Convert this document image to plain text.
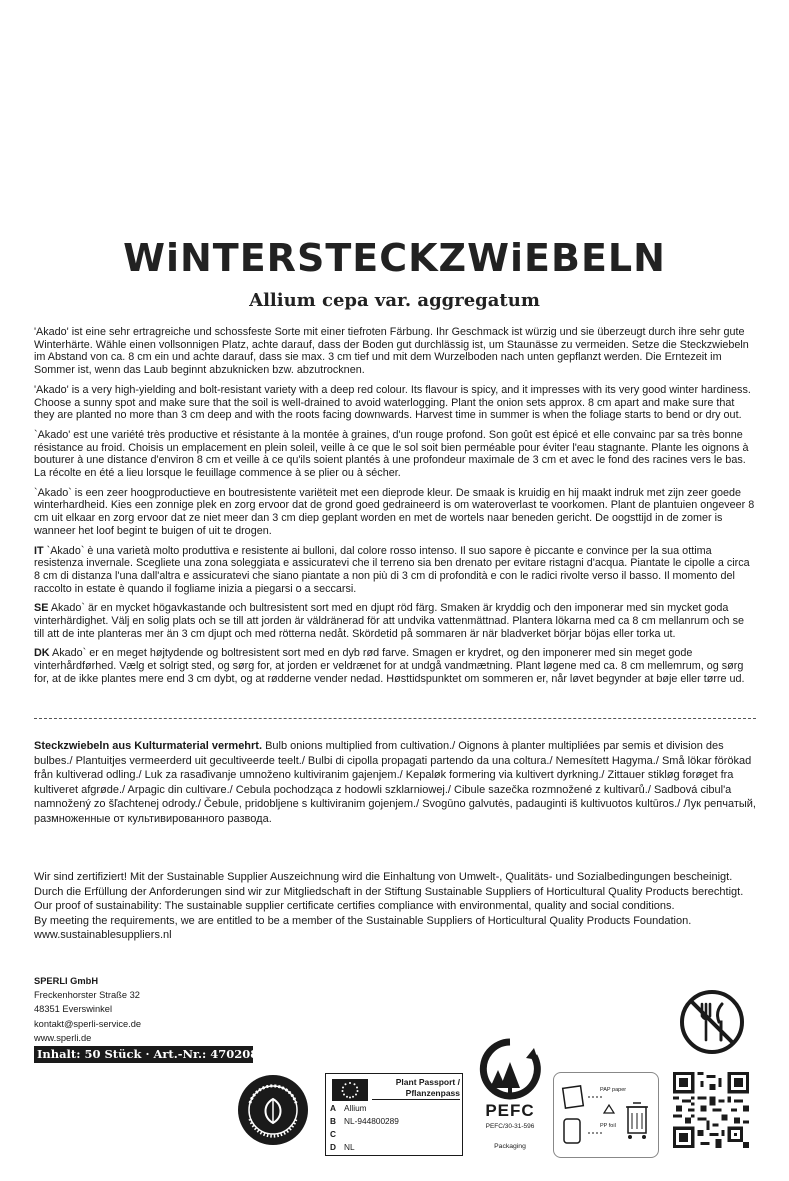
WiNTERSTECKZWiEBELN
Allium cepa var. aggregatum

'Akado' ist eine sehr ertragreiche und schossfeste Sorte mit einer tiefroten Färbung. Ihr Geschmack ist würzig und sie überzeugt durch ihre sehr gute Winterhärte. Wähle einen vollsonnigen Platz, achte darauf, dass der Boden gut durchlässig ist, um Staunässe zu vermeiden. Setze die Steckzwiebeln im Abstand von ca. 8 cm ein und achte darauf, dass sie max. 3 cm tief und mit dem Wurzelboden nach unten gepflanzt werden. Die Erntezeit im Sommer ist, wenn das Laub beginnt abzuknicken bzw. abzutrocknen.

'Akado' is a very high-yielding and bolt-resistant variety with a deep red colour. Its flavour is spicy, and it impresses with its very good winter hardiness. Choose a sunny spot and make sure that the soil is well-drained to avoid waterlogging. Plant the onion sets approx. 8 cm apart and make sure that they are planted no more than 3 cm deep and with the roots facing downwards. Harvest time in summer is when the foliage starts to bend or dry out.

`Akado' est une variété très productive et résistante à la montée à graines, d'un rouge profond. Son goût est épicé et elle convainc par sa très bonne résistance au froid. Choisis un emplacement en plein soleil, veille à ce que le sol soit bien perméable pour éviter l'eau stagnante. Plante les oignons à bouturer à une distance d'environ 8 cm et veille à ce qu'ils soient plantés à une profondeur maximale de 3 cm et avec le fond des racines vers le bas. La récolte en été a lieu lorsque le feuillage commence à se plier ou à sécher.

`Akado` is een zeer hoogproductieve en boutresistente variëteit met een dieprode kleur. De smaak is kruidig en hij maakt indruk met zijn zeer goede winterhardheid. Kies een zonnige plek en zorg ervoor dat de grond goed gedraineerd is om wateroverlast te voorkomen. Plant de plantuien ongeveer 8 cm uit elkaar en zorg ervoor dat ze niet meer dan 3 cm diep geplant worden en met de wortels naar beneden gericht. De oogsttijd in de zomer is wanneer het loof begint te buigen of uit te drogen.

IT `Akado` è una varietà molto produttiva e resistente ai bulloni, dal colore rosso intenso. Il suo sapore è piccante e convince per la sua ottima resistenza invernale. Scegliete una zona soleggiata e assicuratevi che il terreno sia ben drenato per evitare ristagni d'acqua. Piantate le cipolle a circa 8 cm di distanza l'una dall'altra e assicuratevi che siano piantate a non più di 3 cm di profondità e con le radici rivolte verso il basso. Il momento del raccolto in estate è quando il fogliame inizia a piegarsi o a seccarsi.

SE Akado` är en mycket högavkastande och bultresistent sort med en djupt röd färg. Smaken är kryddig och den imponerar med sin mycket goda vinterhärdighet. Välj en solig plats och se till att jorden är väldränerad för att undvika vattenmättnad. Plantera lökarna med ca 8 cm mellanrum och se till att de inte planteras mer än 3 cm djupt och med rötterna nedåt. Skördetid på sommaren är när bladverket börjar böjas eller torka ut.

DK Akado` er en meget højtydende og boltresistent sort med en dyb rød farve. Smagen er krydret, og den imponerer med sin meget gode vinterhårdførhed. Vælg et solrigt sted, og sørg for, at jorden er veldrænet for at undgå vandmætning. Plant løgene med ca. 8 cm mellemrum, og sørg for, at de ikke plantes mere end 3 cm dybt, og at rødderne vender nedad. Høsttidspunktet om sommeren er, når løvet begynder at bøje eller tørre ud.

Steckzwiebeln aus Kulturmaterial vermehrt. Bulb onions multiplied from cultivation./ Oignons à planter multipliées par semis et division des bulbes./ Plantuitjes vermeerderd uit gecultiveerde teelt./ Bulbi di cipolla propagati partendo da una coltura./ Nemesített Hagyma./ Små lökar förökad från kultiverad odling./ Luk za rasađivanje umnoženo kultiviranim gajenjem./ Kepaløk formering via kultivert dyrkning./ Zittauer stikløg forøget fra kultiveret afgrøde./ Arpagic din cultivare./ Cebula pochodząca z hodowli szklarniowej./ Cibule sazečka rozmnožené z kultivarů./ Sadbová cibul'a namnožený zo šľachtenej odrody./ Čebule, pridobljene s kultiviranim gojenjem./ Svogūno galvutės, padauginti iš kultivuotos kultūros./ Лук репчатый, размноженные от культивированного развода.
Wir sind zertifiziert! Mit der Sustainable Supplier Auszeichnung wird die Einhaltung von Umwelt-, Qualitäts- und Sozialbedingungen bescheinigt.
Durch die Erfüllung der Anforderungen sind wir zur Mitgliedschaft in der Stiftung Sustainable Suppliers of Horticultural Quality Products berechtigt.
Our proof of sustainability: The sustainable supplier certificate certifies compliance with environmental, quality and social conditions.
By meeting the requirements, we are entitled to be a member of the Sustainable Suppliers of Horticultural Quality Products Foundation.
www.sustainablesuppliers.nl
SPERLI GmbH
Freckenhorster Straße 32
48351 Everswinkel
kontakt@sperli-service.de
www.sperli.de
Inhalt: 50 Stück · Art.-Nr.: 470208
Plant Passport /
Pflanzenpass
A Allium
B NL-944800289
C
D NL
PEFC
PEFC/30-31-596
Packaging
PAP paper
PP foil
